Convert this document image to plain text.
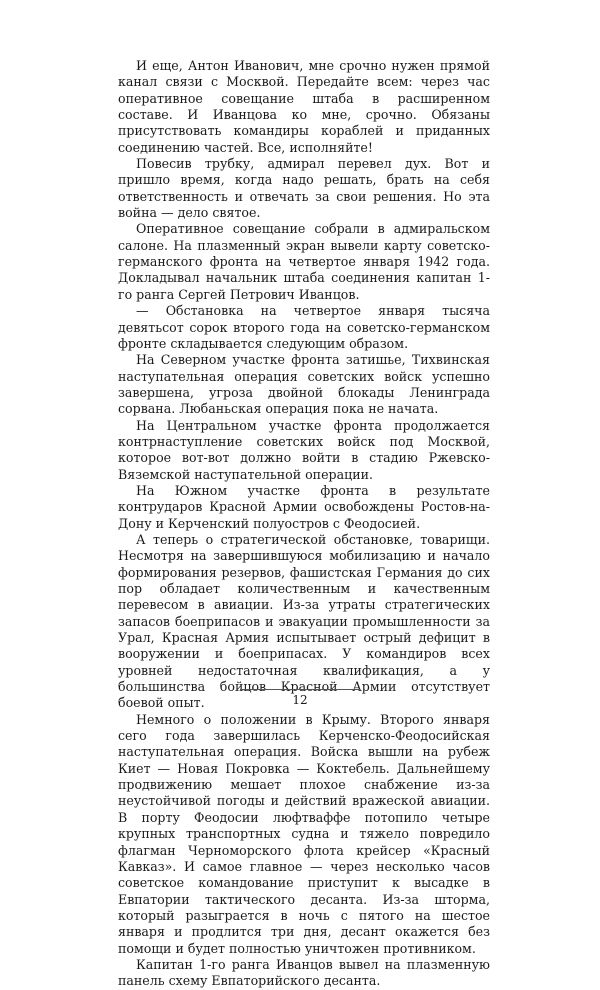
И еще, Антон Иванович, мне срочно нужен прямой канал связи с Москвой. Передайте всем: через час оперативное совещание штаба в расширенном составе. И Иванцова ко мне, срочно. Обязаны присутствовать командиры кораблей и приданных соединению частей. Все, исполняйте!

Повесив трубку, адмирал перевел дух. Вот и пришло время, когда надо решать, брать на себя ответственность и отвечать за свои решения. Но эта война — дело святое.

Оперативное совещание собрали в адмиральском салоне. На плазменный экран вывели карту советско-германского фронта на четвертое января 1942 года. Докладывал начальник штаба соединения капитан 1-го ранга Сергей Петрович Иванцов.

— Обстановка на четвертое января тысяча девятьсот сорок второго года на советско-германском фронте складывается следующим образом.

На Северном участке фронта затишье, Тихвинская наступательная операция советских войск успешно завершена, угроза двойной блокады Ленинграда сорвана. Любаньская операция пока не начата.

На Центральном участке фронта продолжается контрнаступление советских войск под Москвой, которое вот-вот должно войти в стадию Ржевско-Вяземской наступательной операции.

На Южном участке фронта в результате контрударов Красной Армии освобождены Ростов-на-Дону и Керченский полуостров с Феодосией.

А теперь о стратегической обстановке, товарищи. Несмотря на завершившуюся мобилизацию и начало формирования резервов, фашистская Германия до сих пор обладает количественным и качественным перевесом в авиации. Из-за утраты стратегических запасов боеприпасов и эвакуации промышленности за Урал, Красная Армия испытывает острый дефицит в вооружении и боеприпасах. У командиров всех уровней недостаточная квалификация, а у большинства бойцов Красной Армии отсутствует боевой опыт.

Немного о положении в Крыму. Второго января сего года завершилась Керченско-Феодосийская наступательная операция. Войска вышли на рубеж Киет — Новая Покровка — Коктебель. Дальнейшему продвижению мешает плохое снабжение из-за неустойчивой погоды и действий вражеской авиации. В порту Феодосии люфтваффе потопило четыре крупных транспортных судна и тяжело повредило флагман Черноморского флота крейсер «Красный Кавказ». И самое главное — через несколько часов советское командование приступит к высадке в Евпатории тактического десанта. Из-за шторма, который разыграется в ночь с пятого на шестое января и продлится три дня, десант окажется без помощи и будет полностью уничтожен противником.

Капитан 1-го ранга Иванцов вывел на плазменную панель схему Евпаторийского десанта.

12
